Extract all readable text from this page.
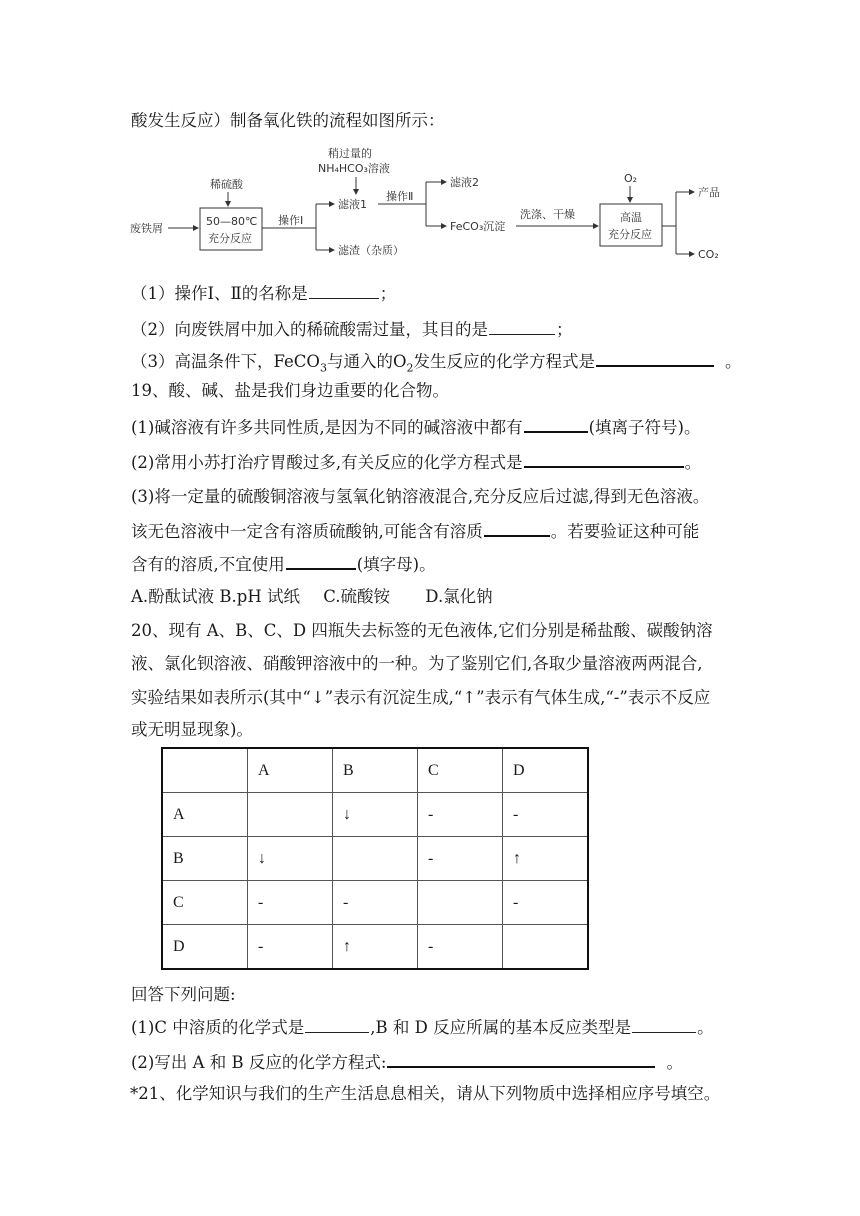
酸发生反应）制备氧化铁的流程如图所示：
废铁屑
稀硫酸
50—80℃
充分反应
操作Ⅰ
稍过量的
NH₄HCO₃溶液
滤液1
滤渣（杂质）
操作Ⅱ
滤液2
FeCO₃沉淀
洗涤、干燥
O₂
高温
充分反应
产品
CO₂
（1）操作Ⅰ、Ⅱ的名称是	；
（2）向废铁屑中加入的稀硫酸需过量，其目的是	；
（3）高温条件下，FeCO$_3$与通入的$O_2$发生反应的化学方程式是	。
19、酸、碱、盐是我们身边重要的化合物。
(1)碱溶液有许多共同性质,是因为不同的碱溶液中都有	(填离子符号)。
(2)常用小苏打治疗胃酸过多,有关反应的化学方程式是	。
(3)将一定量的硫酸铜溶液与氢氧化钠溶液混合,充分反应后过滤,得到无色溶液。
该无色溶液中一定含有溶质硫酸钠,可能含有溶质	。若要验证这种可能
含有的溶质,不宜使用	(填字母)。
A.酚酞试液 B.pH 试纸 C.硫酸铵 D.氯化钠
20、现有 A、B、C、D 四瓶失去标签的无色液体,它们分别是稀盐酸、碳酸钠溶
液、氯化钡溶液、硝酸钾溶液中的一种。为了鉴别它们,各取少量溶液两两混合,
实验结果如表所示(其中“↓”表示有沉淀生成,“↑”表示有气体生成,“-”表示不反应
或无明显现象)。
	A	B	C	D
A		↓	-	-
B	↓		-	↑
C	-	-		-
D	-	↑	-	
回答下列问题:
(1)C 中溶质的化学式是	,B 和 D 反应所属的基本反应类型是	。
(2)写出 A 和 B 反应的化学方程式:	。
*21、化学知识与我们的生产生活息息相关，请从下列物质中选择相应序号填空。
